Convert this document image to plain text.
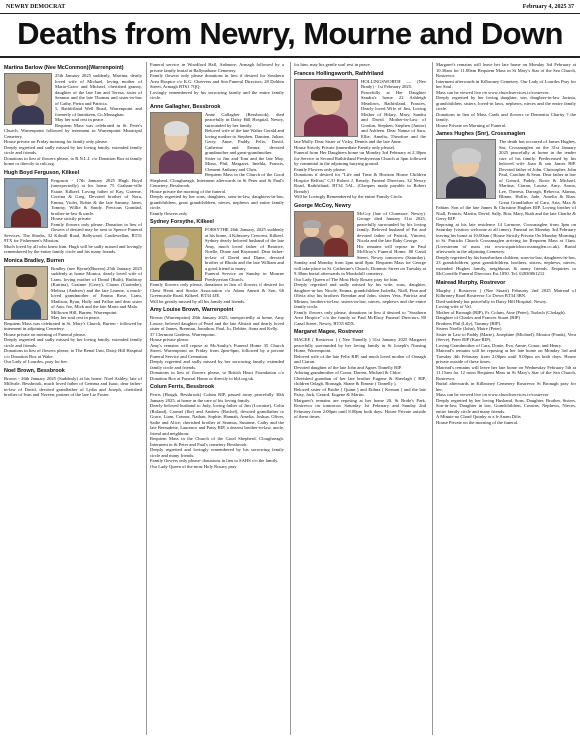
NEWRY DEMOCRAT	February 4, 2025 37
Deaths from Newry, Mourne and Down
Martina Barlow (Nee McConmon)(Warrenpoint)
25th January 2025 suddenly, Martina, dearly loved wife of Michael, loving mother of Maria-Grace and Michael, cherished granny, daughter of the late Jim and Teresa, sister of Seamus and the late Thomas and sister-in-law of Cathy, Pietra and Patricia.
5, Rathfriland Well Road, Warrenpoint and formerly of Inniskeen, Co.Monaghan.
May her soul rest in peace.
Requiem Mass was celebrated in St. Peter's Church, Warrenpoint followed by interment in Warrenpoint Municipal Cemetery.
House private on Friday morning for family only please.
Deeply regretted and sadly missed by her loving family, extended family circle and friends.
Donations in lieu of flowers please, to R.N.L.I. c/o Donation Box at family home or directly to rnli.org.
Hugh Boyd Ferguson, Kilkeel
Ferguson - 17th January 2025 Hugh Boyd (unexpectedly) at his home 75 Graham-ville Estate, Kilkeel. Loving father of Kay, Graeme, Corrina & Greg. Devoted brother of Nora, Emma, Violet, Robin & the late Sammy, Janet, Tommy, Willie & Sandy. Precious Grandad, brother-in-law & uncle.
House strictly private.
Family flowers only please. Donation in lieu of flowers if desired may be sent to Spence Funeral Services, The Shrubs, 32 Kilmill Road, Ballyward, Castlewellan, BT31 9TX for Fishermen's Mission.
Much loved by all who knew him. Hugh will be sadly missed and lovingly remembered by the entire family circle and his many friends.
Monica Bradley, Burren
Bradley (nee Byrne)(Burren) 25th January 2025 suddenly at home Monica, dearly loved wife of Liam, loving mother of Donal (Ruth), Ruthiray (Katrina), Grainne (Gerry), Ciaran (Caoimhe), Melissa (Andrew) and the late Leanne, a much-loved grandmother of Emma Rose, Liam, Madison, Ryan, Holly and Fallon and dear sister of Ann, Joe, Mick and the late Marie and Malo.
Milltown Hill, Burren, Warrenpoint.
May her soul rest in peace.
Requiem Mass was celebrated in St. Mary's Church, Burren - followed by interment in adjoining Cemetery.
House private on morning of Funeral please.
Deeply regretted and sadly missed by her loving family, extended family circle and friends.
Donations in lieu of flowers please, to The Renal Unit, Daisy Hill Hospital c/o Donation Box at Wake.
Our Lady of Lourdes, pray for her.
Noel Brown, Bessbrook
Brown - 26th January 2025 (Suddenly) at his home. Noel Ashley, late of Millvale, Bessbrook, much loved father of Gemma and Isaac, dear father-in-law of David, devoted grandfather of Lydia and Joseph, cherished brother of Ivan and Noreen, partner of the late Liz Foster.
Funeral service in Woodford Hall, Ardmore, Armagh followed by a private family burial at Ballynahone Cemetery.
Family flowers only please donations in lieu if desired for Southern Area Hospice c/o K.G. Cheevers and Son Funeral Directors, 28 Dobbin Street, Armagh BT61 7QQ.
Lovingly remembered by his sorrowing family and the entire family circle.
Anne Gallagher, Bessbrook
Anne Gallagher (Bessbrook), died peacefully in Daisy Hill Hospital, Newry, surrounded by her family.
Beloved wife of the late Walter Gerald and loving mother to Stephen, Damien, Julian, Gerry, Anne, Paddy, Felix, David, Catherine and Emma; devoted grandmother and great-grandmother.
Sister to Jim and Tom and the late May, Mona, Phil, Margaret, Imelda, Francis, Clement Anthony and Chris.
Requiem Mass in the Church of the Good Shepherd, Cloughreagh. Interment afterwards in St Peter and St Paul's Cemetery, Bessbrook.
House private the morning of the funeral.
Deeply regretted by her sons, daughters, sons-in-law, daughters-in-law, grandchildren, great grandchildren, nieces, nephews and entire family circle.
Family flowers only
Sydney Forsythe, Kilkeel
FORSYTHE 26th January, 2025 suddenly at his home, 4 Kilmorey Crescent, Kilkeel. Sydney dearly beloved husband of the late Amy, much loved father of Beatrice, Noelle, Diane and Raymond. Dear father-in-law of David and Diane, devoted brother of Rhoda and the late William and a good friend to many.
Funeral Service on Sunday in Mourne Presbyterian Church.
Family flowers only please, donations in lieu of flowers if desired for Chest Heart and Stroke Association c/o Adam Annett & Son, 66 Greencastle Road, Kilkeel, BT34 4JE.
Will be greatly missed by all his family and friends.
Amy Louise Brown, Warrenpoint
Brown (Warrenpoint) 28th January 2025, unexpectedly at home, Amy Louise, beloved daughter of Pearl and the late Alistair and dearly loved sister of James, Brennan, Jonathon, Paul, Jo, Debbie, Anna and Kelly.
37 Clermont Gardens, Warrenpoint.
House private please.
Amy's remains will repose at McAnulty's Funeral Home 35 Church Street, Warrenpoint on Friday from 2pm-6pm, followed by a private Funeral Service and Cremation.
Deeply regretted and sadly missed by her sorrowing family, extended family circle and friends.
Donations in lieu of flowers please, to British Heart Foundation c/o Donation Box at Funeral Home or directly to bhf.org.uk.
Colum Ferris, Bessbrook
Ferris (Hough, Bessbrook) Colum RIP, passed away peacefully 30th January 2025, at home in the care of his loving family.
Dearly beloved husband to Judy, loving father of Jim (Lorraine), Colin (Roland), Carmel (Ike) and Andrew (Rachel), devoted grandfather to Grace, Liam, Connor, Nathan, Sophie, Hannah, Amelia, Joshua, Oliver, Sadie and Alice; cherished brother of Seamus, Susanne, Cathy and the late Bernadette, Laurence and Patsy RIP, a dearest brother-in-law, uncle, friend and neighbour.
Requiem Mass in the Church of the Good Shepherd, Cloughreagh. Interment in St Peter and Paul's cemetery Bessbrook.
Deeply regretted and lovingly remembered by his sorrowing family circle and many friends.
Family flowers only please- donations in lieu to SAHS c/o the family.
Our Lady Queen of the most Holy Rosary pray
for him, may his gentle soul rest in peace.
Frances Hollingsworth, Rathfriland
HOLLINGSWORTH — (Nee Brady) - 1st February 2025.
Peacefully at Her Daughter Sandra's home 22 Ashleigh Meadows, Rathfriland. Frances, Dearly loved Wife of Jim, Loving Mother of Hilary, Mary, Sandra and David. Mother-in-Law of Gordon, Stephen, Stephen (Junior) and Ashleen. Dear Nanna of Sara, Ellie, Amelia, Theodore and the late Molly. Dear Sister of Vicky, Dennis and the late Anne.
House Strictly Private (immediate Family only please).
Funeral from Her Daughters home on Monday 3rd February at 2.30pm for Service in Second Rathfriland Presbyterian Church at 3pm followed by committal in the adjoining burying ground.
Family Flowers only please.
Donations if desired for "Life and Time & Horizon House Children Hospice Belfast" C/O Robert J. Bready, Funeral Directors, 32 Newry Road, Rathfriland, BT34 5AL. (Cheques made payable to Robert Bready)
Will be Lovingly Remembered by the entire Family Circle.
George McCoy, Newry
McCoy (late of Clonmore, Newry). George died January 31st 2025, peacefully surrounded by his loving family. Beloved husband of Pat and devoted father of Patrick, Vincent, Nicola and the late Baby George.
His remains will repose in Paul McElroy's Funeral Home, 80 Canal Street, Newry tomorrow (Saturday), Sunday and Monday from 2pm until 8pm. Requiem Mass for George will take place in St. Catherine's Church, Dominic Street on Tuesday at 9.30am burial afterwards in Monkshill cemetery.
Our Lady Queen of The Most Holy Rosary pray for him.
Deeply regretted and sadly missed by his wife, sons, daughter, daughter-in-law Nicole, Emma, grandchildren Isobella, Niall, Finn and Olivia also his brothers Brendan and John, sisters Vera, Patricia and Miriam, brothers-in-law, sisters-in-law, nieces, nephews and the entire family circle.
Family flowers only please, donations in lieu if desired to "Southern Area Hospice" c/o the family or Paul McElroy Funeral Directors, 80 Canal Street, Newry, BT35 6DX.
Margaret Magee, Rostrevor
MAGEE ( Rostrevor ) ( Nee Tinnelly ) 31st January 2025 Margaret peacefully surrounded by her loving family in St Joseph's Nursing Home, Warrenpoint.
Beloved wife of the late Felix RIP, and much loved mother of Oonagh and Ciaran.
Devoted daughter of the late John and Agnes Tinnelly RIP.
Adoring grandmother of Conor, Darren, Michael & Chloe.
Cherished guardian of her late brother Eugene & Sheelagh ( RIP, children Orlagh, Bronagh, Shane & Eimear ( Tinnelly ).
Beloved sister of Bridie ( Quinn ) and Eithna ( Keenan ) and the late Patsy, Jack, Gerard, Eugene & Martin.
Margaret's remains are reposing at her home 20, St Bride's Park, Rostrevor on tomorrow Saturday 1st February and Sunday 2nd February from 2:00pm until 8.00pm both days. House Private outside of these times.
Margaret's remains will leave her late home on Monday 3rd February at 10.30am for 11.00am Requiem Mass in St Mary's Star of the Sea Church, Rostrevor.
Interment afterwards in Kilbroney Cemetery. Our Lady of Lourdes Pray for her Soul.
Mass can be viewed live on www.churchservices.tv/rostrevor.
Deeply regretted by her loving daughter, son, daughter-in-law Jacinta, grandchildren, sisters, loved-in laws, nephews, nieces and the entire family circle.
Donations in lieu of Mass Cards and flowers to Dementia Charity ? the family.
House Private on Morning of Funeral.
James Hughes (Snr), Crossmaglen
The death has occurred of James Hughes, Snr, Crossmaglen on the 31st January 2025 peacefully at home in the tender care of his family. Predeceased by his beloved wife Joan & son James RIP. Devoted father of John, Christopher, John Paul, Caroline & Sean. Dear father in law of Gerard, Paddy, Rosie & Michael, Martina, Ciaran, Louise, Amy, Aaron, Lee, Theresa, Darragh, Rebecca, Alanna, Blinne, Hollie, Jade, Amelia & Rian. Great Grandfather of Cara, Aria, Max & Fabian. Son of the late James & Christine Hughes RIP. Loving brother of Niall, Francis, Martin, David, Sally, Rita, Mary, Ruth and the late Charlie & Gerry RIP.
Reposing at his late residence 14 Larmore, Crossmaglen from 3pm on Saturday (visitors welcome at all times). Funeral on Monday 3rd February leaving his home at 10:00am ( House Strictly Private On Monday Morning) to St. Patricks Church Crossmaglen arriving for Requiem Mass at 11am. (Livestream of mass via www.stpatrickscrossmaglen.co.uk). Burial afterwards in the adjoining Cemetery.
Deeply regretted by his heartbroken children, sons-in-law, daughters-in-law, 23 grandchildren, great grandchildren, brothers, sisters, nephews, nieces, extended Hughes family, neighbours & many friends. Enquiries to McConville Funeral Directors Est.1850. Tel: 02830861212
Mairead Murphy, Rostrevor
Murphy ( Rostrevor ) (Nee Stuart) February 2nd 2025 Mairead of Kilbroney Road Rostrevor Co Down BT34 3BN.
Died suddenly but peacefully in Daisy Hill Hospital, Newry.
Loving wife of Val.
Mother of Bronagh (RIP), Fr. Colum, Aine (Peter), Turlach (Clodagh).
Daughter of Charles and Frances Stuart (RIP)
Brothers Phil (Lily), Tommy (RIP).
Sisters Noelle (John), Maire (Peter)
Sister in Law to Paddy (Marie), Josephine (Michael), Monica (Frank), Vera (Steve), Peter RIP (Kate RIP).
Loving Grandmother of Cara, Donie, Eva, Annie, Conor, and Henry.
Mairead's remains will be reposing at her late home on Monday 3rd and Tuesday 4th February from 2.00pm until 9.00pm on both days. House private outside of these times.
Mairead's remains will leave her late home on Wednesday February 5th at 11.15am for 12 noon Requiem Mass in St Mary's Star of the Sea Church, Rostrevor.
Burial afterwards in Kilbroney Cemetery Rostrevor St Bronagh pray for her.
Mass can be viewed live on www.churchservices.tv/rostrevor
Deeply regretted by her loving Husband, Sons, Daughter, Brother, Sisters, Son-in-law, Daughter in law, Grandchildren, Cousins, Nephews, Nieces, entire family circle and many friends.
A Minute no Cloud Quinby ar a h-Anam Dilis
House Private on the morning of the funeral.
